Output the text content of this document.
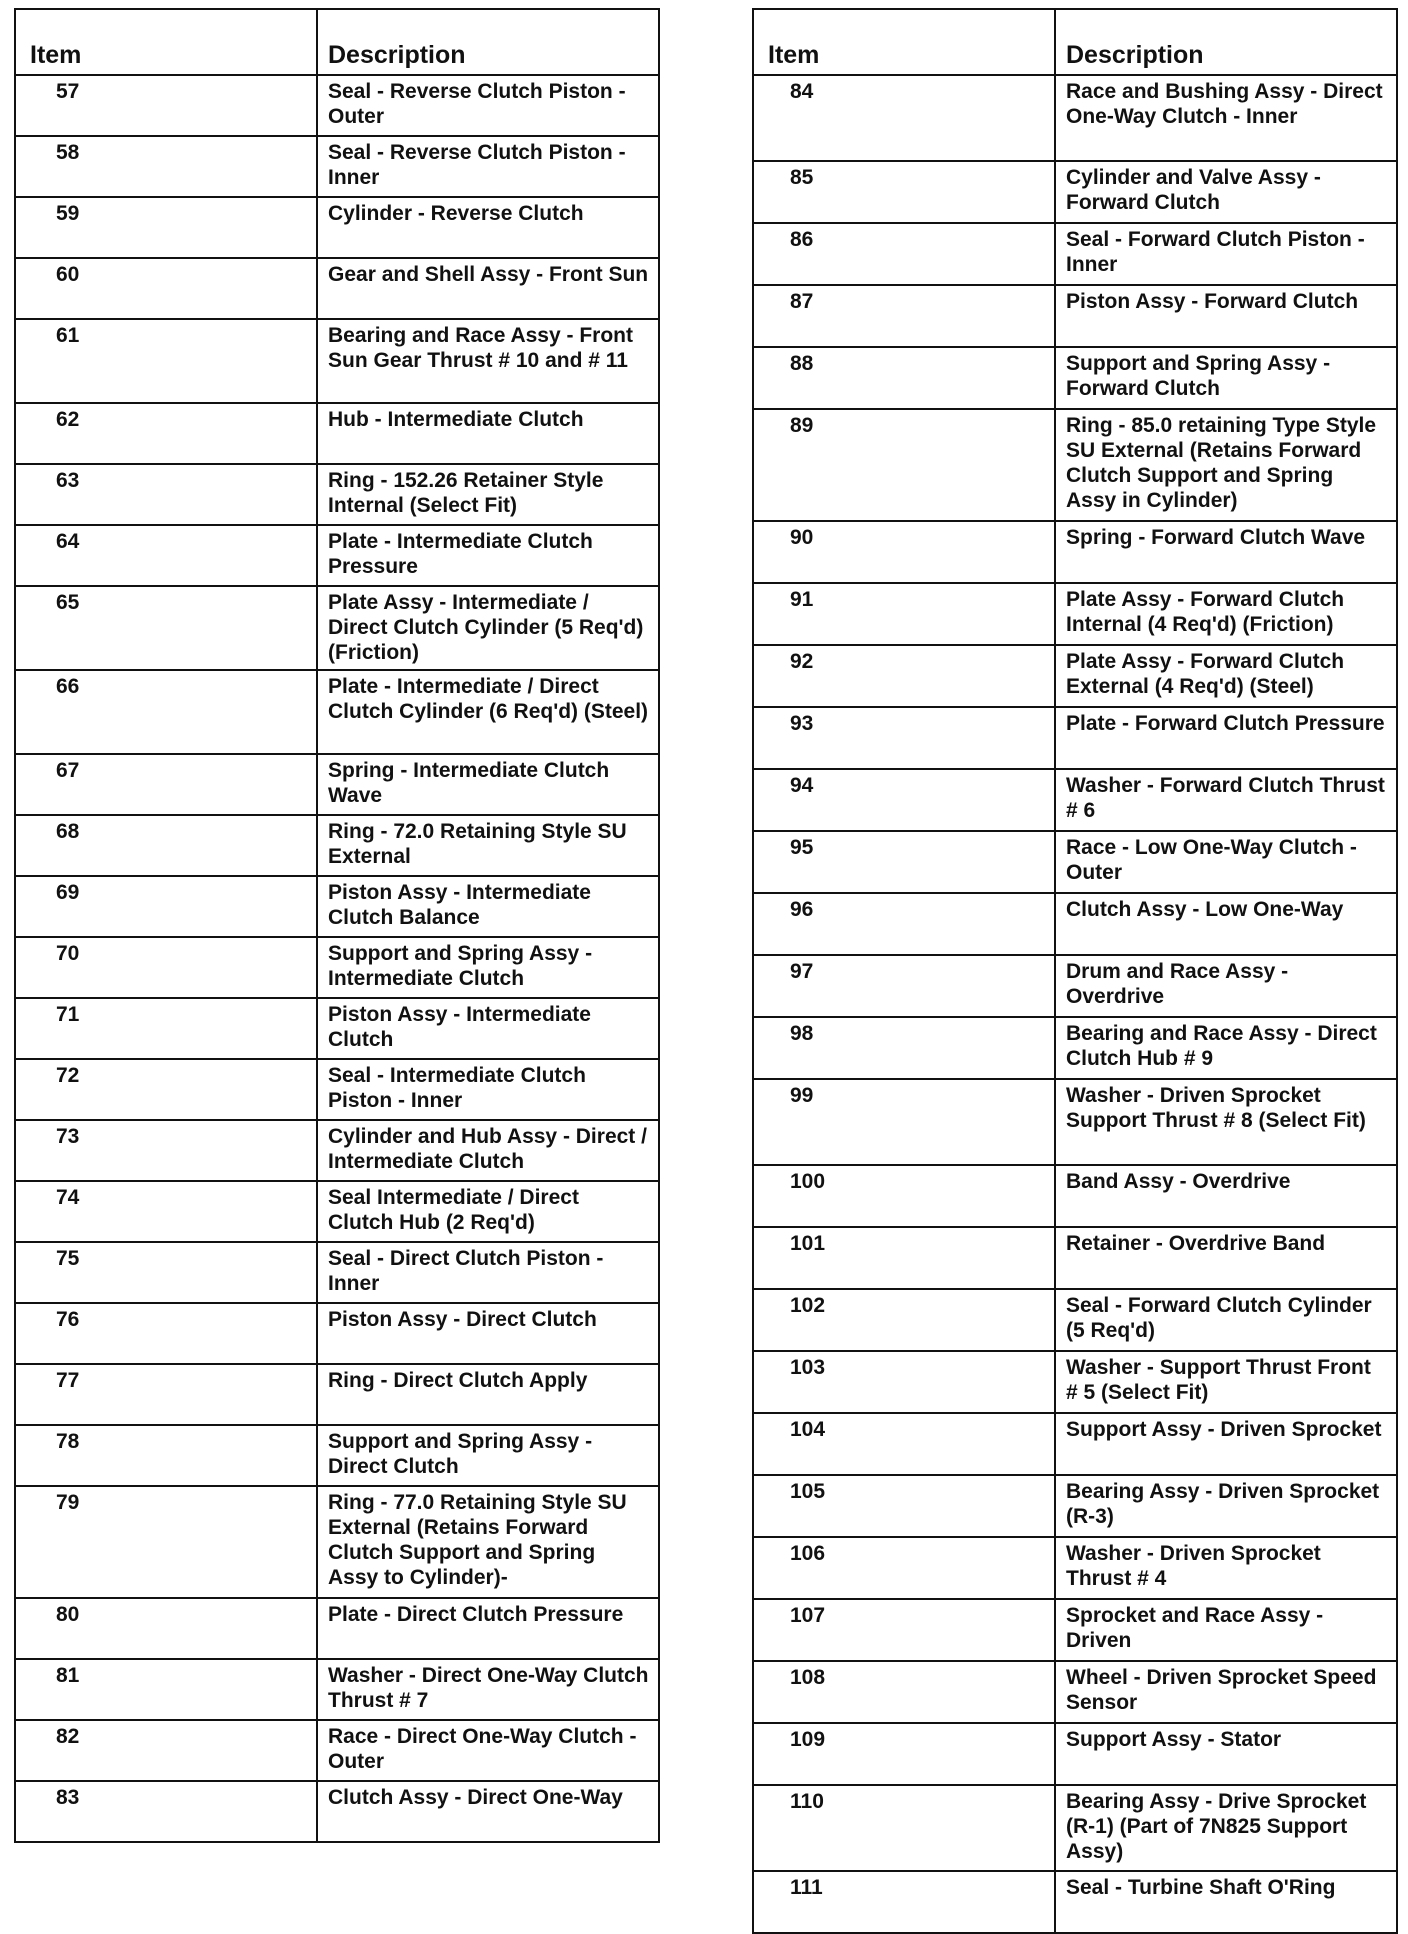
Item	Description
57	Seal - Reverse Clutch Piston - Outer
58	Seal - Reverse Clutch Piston - Inner
59	Cylinder - Reverse Clutch
60	Gear and Shell Assy - Front Sun
61	Bearing and Race Assy - Front Sun Gear Thrust # 10 and # 11
62	Hub - Intermediate Clutch
63	Ring - 152.26 Retainer Style Internal (Select Fit)
64	Plate - Intermediate Clutch Pressure
65	Plate Assy - Intermediate / Direct Clutch Cylinder (5 Req'd) (Friction)
66	Plate - Intermediate / Direct Clutch Cylinder (6 Req'd) (Steel)
67	Spring - Intermediate Clutch Wave
68	Ring - 72.0 Retaining Style SU External
69	Piston Assy - Intermediate Clutch Balance
70	Support and Spring Assy - Intermediate Clutch
71	Piston Assy - Intermediate Clutch
72	Seal - Intermediate Clutch Piston - Inner
73	Cylinder and Hub Assy - Direct / Intermediate Clutch
74	Seal Intermediate / Direct Clutch Hub (2 Req'd)
75	Seal - Direct Clutch Piston - Inner
76	Piston Assy - Direct Clutch
77	Ring - Direct Clutch Apply
78	Support and Spring Assy -Direct Clutch
79	Ring - 77.0 Retaining Style SU External (Retains Forward Clutch Support and Spring Assy to Cylinder)-
80	Plate - Direct Clutch Pressure
81	Washer - Direct One-Way Clutch Thrust # 7
82	Race - Direct One-Way Clutch - Outer
83	Clutch Assy - Direct One-Way
Item	Description
84	Race and Bushing Assy - Direct One-Way Clutch - Inner
85	Cylinder and Valve Assy - Forward Clutch
86	Seal - Forward Clutch Piston - Inner
87	Piston Assy - Forward Clutch
88	Support and Spring Assy - Forward Clutch
89	Ring - 85.0 retaining Type Style SU External (Retains Forward Clutch Support and Spring Assy in Cylinder)
90	Spring - Forward Clutch Wave
91	Plate Assy - Forward Clutch Internal (4 Req'd) (Friction)
92	Plate Assy - Forward Clutch External (4 Req'd) (Steel)
93	Plate - Forward Clutch Pressure
94	Washer - Forward Clutch Thrust # 6
95	Race - Low One-Way Clutch - Outer
96	Clutch Assy - Low One-Way
97	Drum and Race Assy - Overdrive
98	Bearing and Race Assy - Direct Clutch Hub # 9
99	Washer - Driven Sprocket Support Thrust # 8 (Select Fit)
100	Band Assy - Overdrive
101	Retainer - Overdrive Band
102	Seal - Forward Clutch Cylinder (5 Req'd)
103	Washer - Support Thrust Front # 5 (Select Fit)
104	Support Assy - Driven Sprocket
105	Bearing Assy - Driven Sprocket (R-3)
106	Washer - Driven Sprocket Thrust # 4
107	Sprocket and Race Assy - Driven
108	Wheel - Driven Sprocket Speed Sensor
109	Support Assy - Stator
110	Bearing Assy - Drive Sprocket (R-1) (Part of 7N825 Support Assy)
111	Seal - Turbine Shaft O'Ring
